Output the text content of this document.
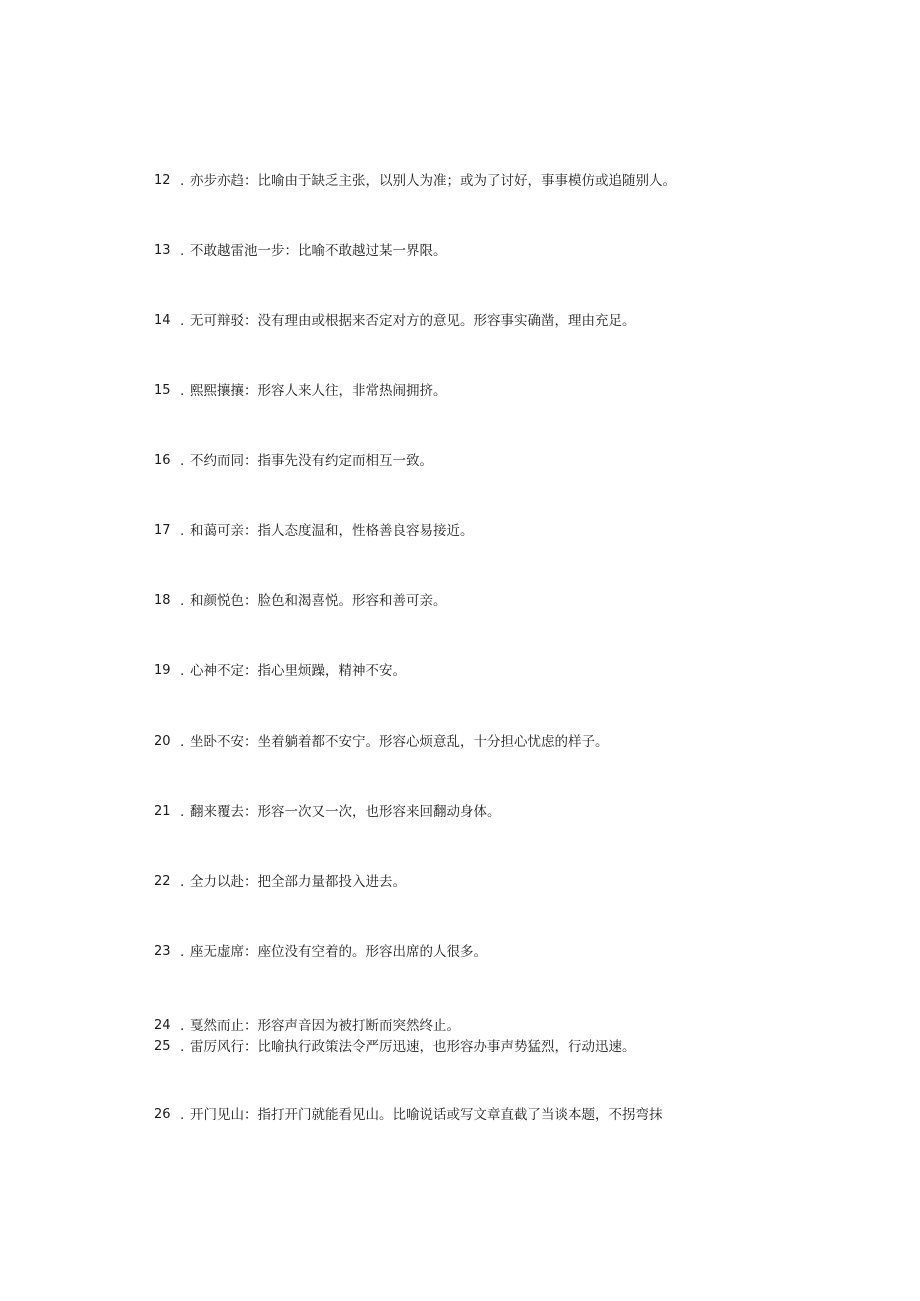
12 . 亦步亦趋 ： 比喻由于缺乏主张，以别人为准；或为了讨好，事事模仿或追随别人。
13 . 不敢越雷池一步 ： 比喻不敢越过某一界限。
14 . 无可辩驳 ： 没有理由或根据来否定对方的意见。形容事实确凿，理由充足。
15 . 熙熙攘攘 ： 形容人来人往，非常热闹拥挤。
16 . 不约而同 ： 指事先没有约定而相互一致。
17 . 和蔼可亲 ： 指人态度温和，性格善良容易接近。
18 . 和颜悦色 ： 脸色和渴喜悦。形容和善可亲。
19 . 心神不定 ： 指心里烦躁，精神不安。
20 . 坐卧不安 ： 坐着躺着都不安宁。形容心烦意乱，十分担心忧虑的样子。
21 . 翻来覆去 ： 形容一次又一次，也形容来回翻动身体。
22 . 全力以赴 ： 把全部力量都投入进去。
23 . 座无虚席 ： 座位没有空着的。形容出席的人很多。
24 . 戛然而止 ： 形容声音因为被打断而突然终止。
25 . 雷厉风行 ： 比喻执行政策法令严厉迅速，也形容办事声势猛烈，行动迅速。
26 . 开门见山 ： 指打开门就能看见山。比喻说话或写文章直截了当谈本题，不拐弯抹
